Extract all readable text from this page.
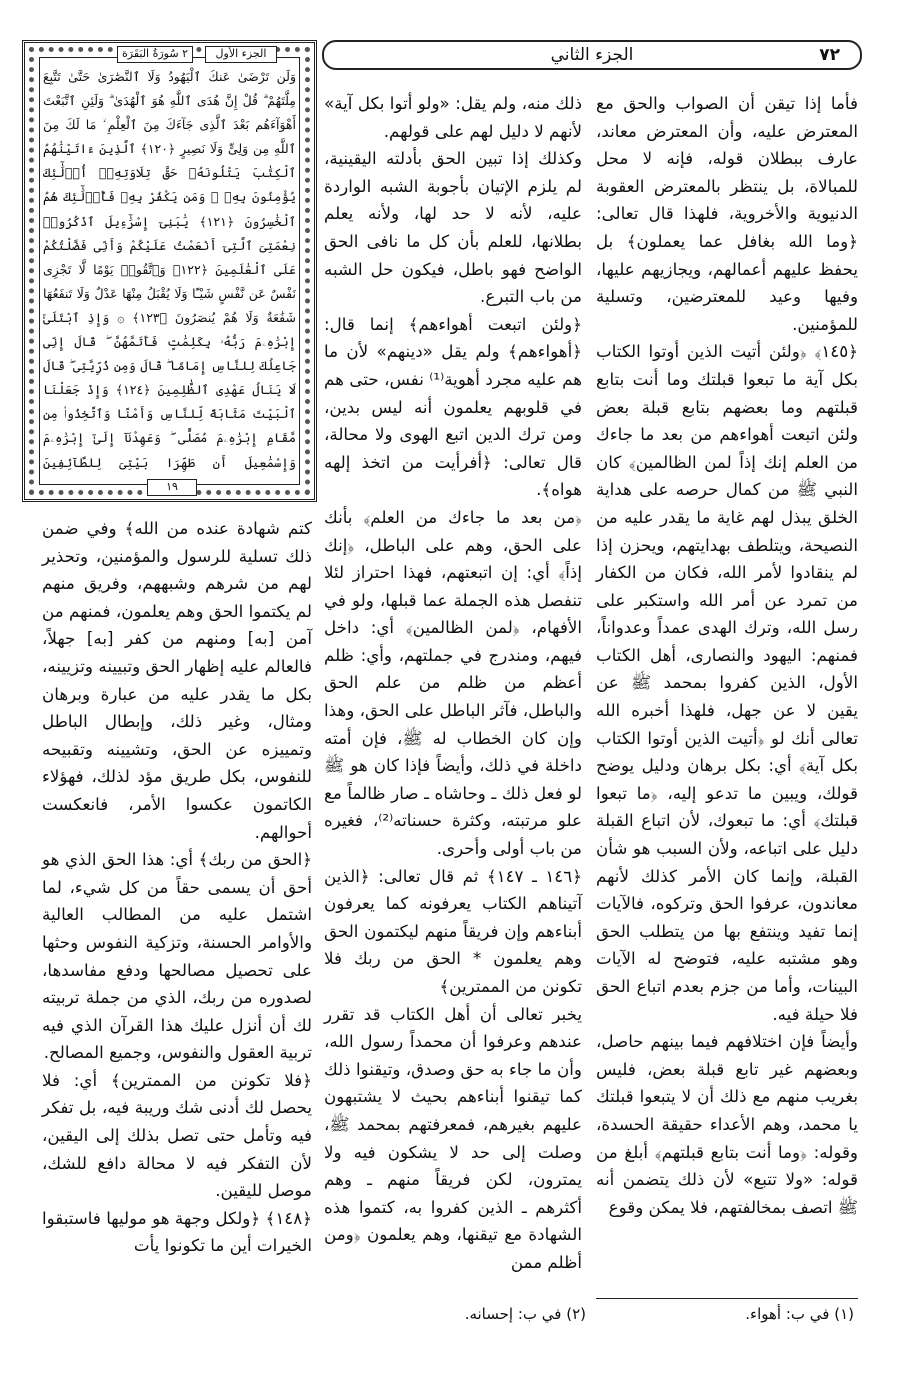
٧٢
الجزء الثاني
الجزء الأول
٢ سُورَةُ البَقَرَة
وَلَن تَرْضَىٰ عَنكَ ٱلْيَهُودُ وَلَا ٱلنَّصَٰرَىٰ حَتَّىٰ تَتَّبِعَ مِلَّتَهُمْ ۗ قُلْ إِنَّ هُدَى ٱللَّهِ هُوَ ٱلْهُدَىٰ ۗ وَلَئِنِ ٱتَّبَعْتَ أَهْوَآءَهُم بَعْدَ ٱلَّذِى جَآءَكَ مِنَ ٱلْعِلْمِ ۙ مَا لَكَ مِنَ ٱللَّهِ مِن وَلِىٍّ وَلَا نَصِيرٍ ﴿١٢٠﴾ ٱلَّذِينَ ءَاتَيْنَٰهُمُ ٱلْكِتَٰبَ يَتْلُونَهُۥ حَقَّ تِلَاوَتِهِۦٓ أُو۟لَٰٓئِكَ يُؤْمِنُونَ بِهِۦ ۗ وَمَن يَكْفُرْ بِهِۦ فَأُو۟لَٰٓئِكَ هُمُ ٱلْخَٰسِرُونَ ﴿١٢١﴾ يَٰبَنِىٓ إِسْرَٰٓءِيلَ ٱذْكُرُوا۟ نِعْمَتِىَ ٱلَّتِىٓ أَنْعَمْتُ عَلَيْكُمْ وَأَنِّى فَضَّلْتُكُمْ عَلَى ٱلْعَٰلَمِينَ ﴿١٢٢﴾ وَٱتَّقُوا۟ يَوْمًا لَّا تَجْزِى نَفْسٌ عَن نَّفْسٍ شَيْـًٔا وَلَا يُقْبَلُ مِنْهَا عَدْلٌ وَلَا تَنفَعُهَا شَفَٰعَةٌ وَلَا هُمْ يُنصَرُونَ ﴿١٢٣﴾ ۞ وَإِذِ ٱبْتَلَىٰٓ إِبْرَٰهِۦمَ رَبُّهُۥ بِكَلِمَٰتٍ فَأَتَمَّهُنَّ ۖ قَالَ إِنِّى جَاعِلُكَ لِلنَّاسِ إِمَامًا ۖ قَالَ وَمِن ذُرِّيَّتِى ۖ قَالَ لَا يَنَالُ عَهْدِى ٱلظَّٰلِمِينَ ﴿١٢٤﴾ وَإِذْ جَعَلْنَا ٱلْبَيْتَ مَثَابَةً لِّلنَّاسِ وَأَمْنًا وَٱتَّخِذُوا۟ مِن مَّقَامِ إِبْرَٰهِۦمَ مُصَلًّى ۖ وَعَهِدْنَآ إِلَىٰٓ إِبْرَٰهِۦمَ وَإِسْمَٰعِيلَ أَن طَهِّرَا بَيْتِىَ لِلطَّآئِفِينَ
١٩

فأما إذا تيقن أن الصواب والحق مع المعترض عليه، وأن المعترض معاند، عارف ببطلان قوله، فإنه لا محل للمبالاة، بل ينتظر بالمعترض العقوبة الدنيوية والأخروية، فلهذا قال تعالى: ﴿وما الله بغافل عما يعملون﴾ بل يحفظ عليهم أعمالهم، ويجازيهم عليها، وفيها وعيد للمعترضين، وتسلية للمؤمنين.

﴿١٤٥﴾ ﴿ولئن أتيت الذين أوتوا الكتاب بكل آية ما تبعوا قبلتك وما أنت بتابع قبلتهم وما بعضهم بتابع قبلة بعض ولئن اتبعت أهواءهم من بعد ما جاءك من العلم إنك إذاً لمن الظالمين﴾ كان النبي ﷺ من كمال حرصه على هداية الخلق يبذل لهم غاية ما يقدر عليه من النصيحة، ويتلطف بهدايتهم، ويحزن إذا لم ينقادوا لأمر الله، فكان من الكفار من تمرد عن أمر الله واستكبر على رسل الله، وترك الهدى عمداً وعدواناً، فمنهم: اليهود والنصارى، أهل الكتاب الأول، الذين كفروا بمحمد ﷺ عن يقين لا عن جهل، فلهذا أخبره الله تعالى أنك لو ﴿أتيت الذين أوتوا الكتاب بكل آية﴾ أي: بكل برهان ودليل يوضح قولك، ويبين ما تدعو إليه، ﴿ما تبعوا قبلتك﴾ أي: ما تبعوك، لأن اتباع القبلة دليل على اتباعه، ولأن السبب هو شأن القبلة، وإنما كان الأمر كذلك لأنهم معاندون، عرفوا الحق وتركوه، فالآيات إنما تفيد وينتفع بها من يتطلب الحق وهو مشتبه عليه، فتوضح له الآيات البينات، وأما من جزم بعدم اتباع الحق فلا حيلة فيه.

وأيضاً فإن اختلافهم فيما بينهم حاصل، وبعضهم غير تابع قبلة بعض، فليس بغريب منهم مع ذلك أن لا يتبعوا قبلتك يا محمد، وهم الأعداء حقيقة الحسدة، وقوله: ﴿وما أنت بتابع قبلتهم﴾ أبلغ من قوله: «ولا تتبع» لأن ذلك يتضمن أنه ﷺ اتصف بمخالفتهم، فلا يمكن وقوع

ذلك منه، ولم يقل: «ولو أتوا بكل آية» لأنهم لا دليل لهم على قولهم.

وكذلك إذا تبين الحق بأدلته اليقينية، لم يلزم الإتيان بأجوبة الشبه الواردة عليه، لأنه لا حد لها، ولأنه يعلم بطلانها، للعلم بأن كل ما نافى الحق الواضح فهو باطل، فيكون حل الشبه من باب التبرع.

﴿ولئن اتبعت أهواءهم﴾ إنما قال: ﴿أهواءهم﴾ ولم يقل «دينهم» لأن ما هم عليه مجرد أهوية⁽¹⁾ نفس، حتى هم في قلوبهم يعلمون أنه ليس بدين، ومن ترك الدين اتبع الهوى ولا محالة، قال تعالى: ﴿أفرأيت من اتخذ إلهه هواه﴾.

﴿من بعد ما جاءك من العلم﴾ بأنك على الحق، وهم على الباطل، ﴿إنك إذاً﴾ أي: إن اتبعتهم، فهذا احتراز لئلا تنفصل هذه الجملة عما قبلها، ولو في الأفهام، ﴿لمن الظالمين﴾ أي: داخل فيهم، ومندرج في جملتهم، وأي: ظلم أعظم من ظلم من علم الحق والباطل، فآثر الباطل على الحق، وهذا وإن كان الخطاب له ﷺ، فإن أمته داخلة في ذلك، وأيضاً فإذا كان هو ﷺ لو فعل ذلك ـ وحاشاه ـ صار ظالماً مع علو مرتبته، وكثرة حسناته⁽²⁾، فغيره من باب أولى وأحرى.

﴿١٤٦ ـ ١٤٧﴾ ثم قال تعالى: ﴿الذين آتيناهم الكتاب يعرفونه كما يعرفون أبناءهم وإن فريقاً منهم ليكتمون الحق وهم يعلمون * الحق من ربك فلا تكونن من الممترين﴾

يخبر تعالى أن أهل الكتاب قد تقرر عندهم وعرفوا أن محمداً رسول الله، وأن ما جاء به حق وصدق، وتيقنوا ذلك كما تيقنوا أبناءهم بحيث لا يشتبهون عليهم بغيرهم، فمعرفتهم بمحمد ﷺ، وصلت إلى حد لا يشكون فيه ولا يمترون، لكن فريقاً منهم ـ وهم أكثرهم ـ الذين كفروا به، كتموا هذه الشهادة مع تيقنها، وهم يعلمون ﴿ومن أظلم ممن

كتم شهادة عنده من الله﴾ وفي ضمن ذلك تسلية للرسول والمؤمنين، وتحذير لهم من شرهم وشبههم، وفريق منهم لم يكتموا الحق وهم يعلمون، فمنهم من آمن [به] ومنهم من كفر [به] جهلاً، فالعالم عليه إظهار الحق وتبيينه وتزيينه، بكل ما يقدر عليه من عبارة وبرهان ومثال، وغير ذلك، وإبطال الباطل وتمييزه عن الحق، وتشيينه وتقبيحه للنفوس، بكل طريق مؤد لذلك، فهؤلاء الكاتمون عكسوا الأمر، فانعكست أحوالهم.

﴿الحق من ربك﴾ أي: هذا الحق الذي هو أحق أن يسمى حقاً من كل شيء، لما اشتمل عليه من المطالب العالية والأوامر الحسنة، وتزكية النفوس وحثها على تحصيل مصالحها ودفع مفاسدها، لصدوره من ربك، الذي من جملة تربيته لك أن أنزل عليك هذا القرآن الذي فيه تربية العقول والنفوس، وجميع المصالح.

﴿فلا تكونن من الممترين﴾ أي: فلا يحصل لك أدنى شك وريبة فيه، بل تفكر فيه وتأمل حتى تصل بذلك إلى اليقين، لأن التفكر فيه لا محالة دافع للشك، موصل لليقين.

﴿١٤٨﴾ ﴿ولكل وجهة هو موليها فاستبقوا الخيرات أين ما تكونوا يأت

(١) في ب: أهواء.
(٢) في ب: إحسانه.
